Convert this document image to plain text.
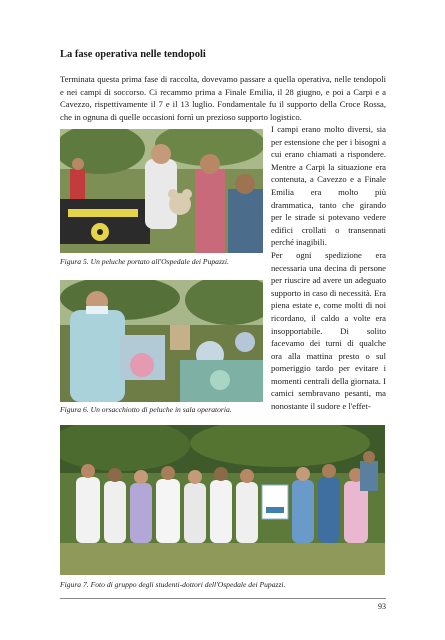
La fase operativa nelle tendopoli

Terminata questa prima fase di raccolta, dovevamo passare a quella operativa, nelle tendopoli e nei campi di soccorso. Ci recammo prima a Finale Emilia, il 28 giugno, e poi a Carpi e a Cavezzo, rispettivamente il 7 e il 13 luglio. Fondamentale fu il supporto della Croce Rossa, che in ognuna di quelle occasioni fornì un prezioso supporto logistico.

Figura 5. Un peluche portato all'Ospedale dei Pupazzi.

Figura 6. Un orsacchiotto di peluche in sala operatoria.

I campi erano molto diversi, sia per estensione che per i bisogni a cui erano chiamati a rispondere. Mentre a Carpi la situazione era contenuta, a Cavezzo e a Finale Emilia era molto più drammatica, tanto che girando per le strade si potevano vedere edifici crollati o transennati perché inagibili.

Per ogni spedizione era necessaria una decina di persone per riuscire ad avere un adeguato supporto in caso di necessità. Era piena estate e, come molti di noi ricordano, il caldo a volte era insopportabile. Di solito facevamo dei turni di qualche ora alla mattina presto o sul pomeriggio tardo per evitare i momenti centrali della giornata. I camici sembravano pesanti, ma nonostante il sudore e l'effet-

Figura 7. Foto di gruppo degli studenti-dottori dell'Ospedale dei Pupazzi.

93
